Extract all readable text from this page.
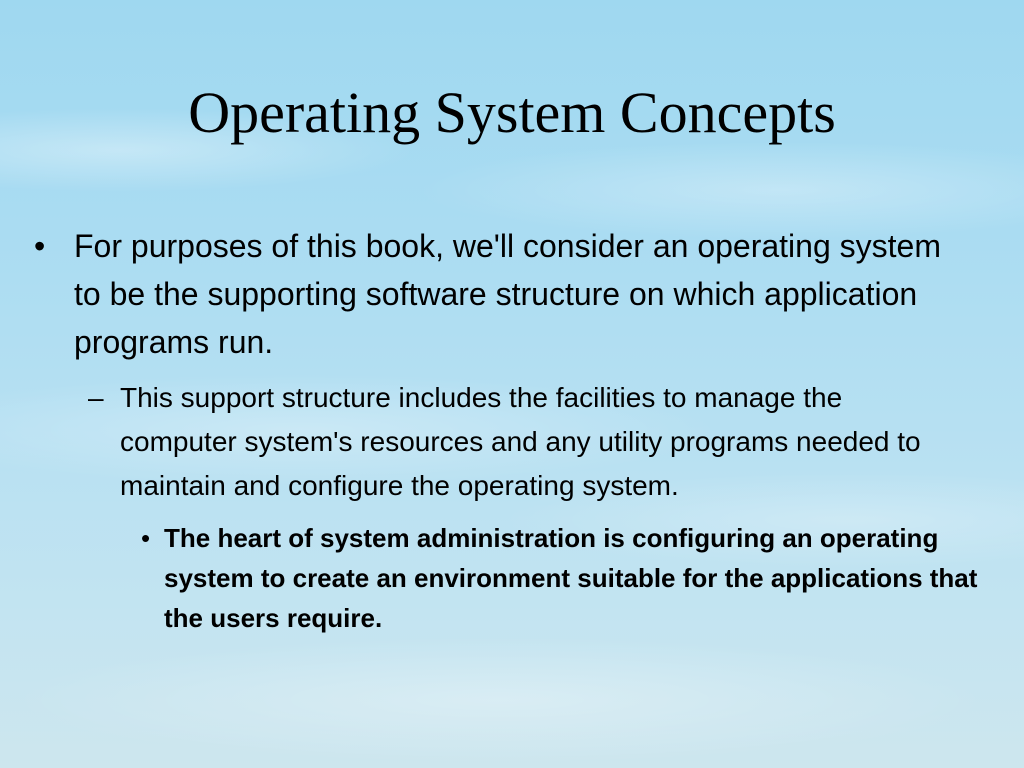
Operating System Concepts
• For purposes of this book, we'll consider an operating system to be the supporting software structure on which application programs run.
– This support structure includes the facilities to manage the computer system's resources and any utility programs needed to maintain and configure the operating system.
• The heart of system administration is configuring an operating system to create an environment suitable for the applications that the users require.
